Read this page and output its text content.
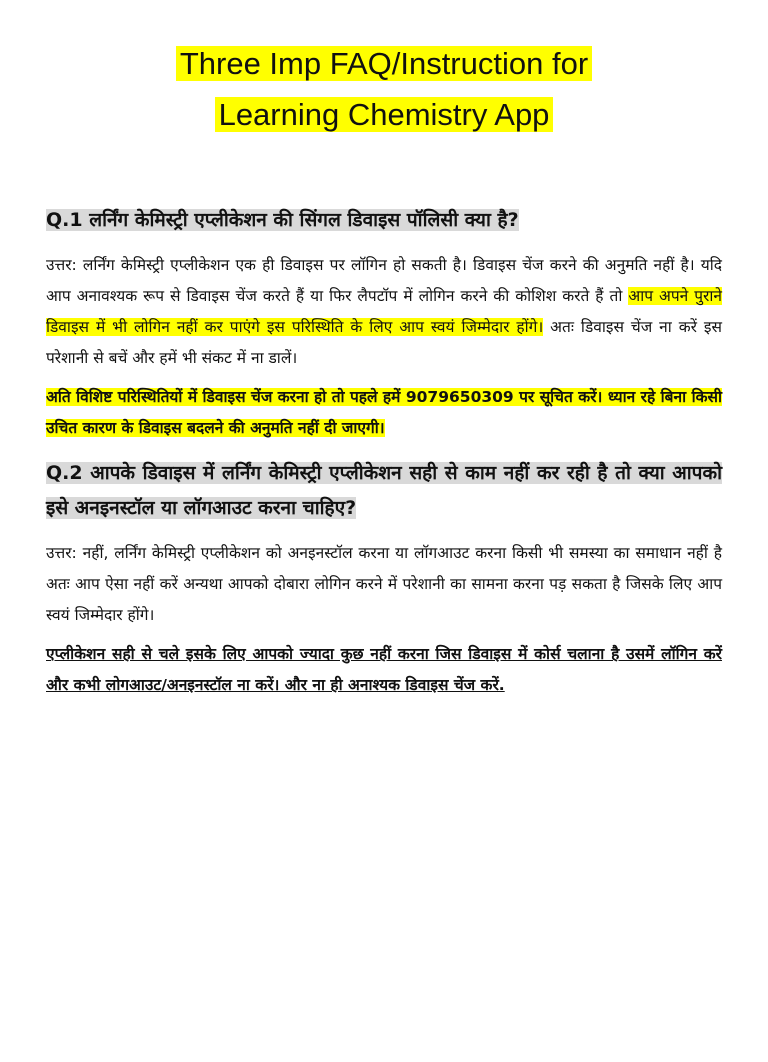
Three Imp FAQ/Instruction for
Learning Chemistry App
Q.1 लर्निंग केमिस्ट्री एप्लीकेशन की सिंगल डिवाइस पॉलिसी क्या है?
उत्तर: लर्निंग केमिस्ट्री एप्लीकेशन एक ही डिवाइस पर लॉगिन हो सकती है। डिवाइस चेंज करने की अनुमति नहीं है। यदि आप अनावश्यक रूप से डिवाइस चेंज करते हैं या फिर लैपटॉप में लोगिन करने की कोशिश करते हैं तो आप अपने पुराने डिवाइस में भी लोगिन नहीं कर पाएंगे इस परिस्थिति के लिए आप स्वयं जिम्मेदार होंगे। अतः डिवाइस चेंज ना करें इस परेशानी से बचें और हमें भी संकट में ना डालें।
अति विशिष्ट परिस्थितियों में डिवाइस चेंज करना हो तो पहले हमें 9079650309 पर सूचित करें। ध्यान रहे बिना किसी उचित कारण के डिवाइस बदलने की अनुमति नहीं दी जाएगी।
Q.2 आपके डिवाइस में लर्निंग केमिस्ट्री एप्लीकेशन सही से काम नहीं कर रही है तो क्या आपको इसे अनइनस्टॉल या लॉगआउट करना चाहिए?
उत्तर: नहीं, लर्निंग केमिस्ट्री एप्लीकेशन को अनइनस्टॉल करना या लॉगआउट करना किसी भी समस्या का समाधान नहीं है अतः आप ऐसा नहीं करें अन्यथा आपको दोबारा लोगिन करने में परेशानी का सामना करना पड़ सकता है जिसके लिए आप स्वयं जिम्मेदार होंगे।
एप्लीकेशन सही से चले इसके लिए आपको ज्यादा कुछ नहीं करना जिस डिवाइस में कोर्स चलाना है उसमें लॉगिन करें और कभी लोगआउट/अनइनस्टॉल ना करें। और ना ही अनाश्यक डिवाइस चेंज करें.
